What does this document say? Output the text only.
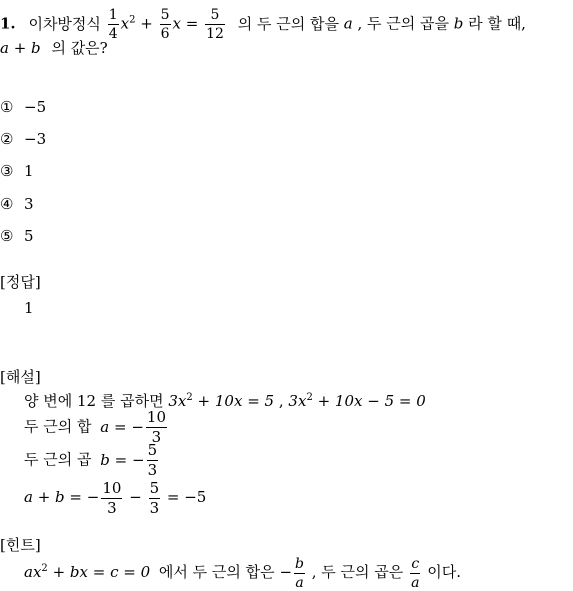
1. 이차방정식 $\frac{1}{4} x^2 + \frac{5}{6}$ $x = \frac{5}{12}$ 의 두 근의 합을 a , 두 근의 곱을 b 라 할 때,
a + b 의 값은?
① −5
② −3
③ 1
④ 3
⑤ 5
[정답]
1
[해설]
양 변에 12 를 곱하면 $3x^2 + 10x = 5$ , $3x^2 + 10x - 5 = 0$
두 근의 합 a = − $\frac{10}{3}$
두 근의 곱 b = − $\frac{5}{3}$
a + b = − $\frac{10}{3} - \frac{5}{3} = -5$
[힌트]
$ax^2$ + bx = c = 0 에서 두 근의 합은 − $\frac{b}{a}$ , 두 근의 곱은 $\frac{c}{a}$ 이다.
